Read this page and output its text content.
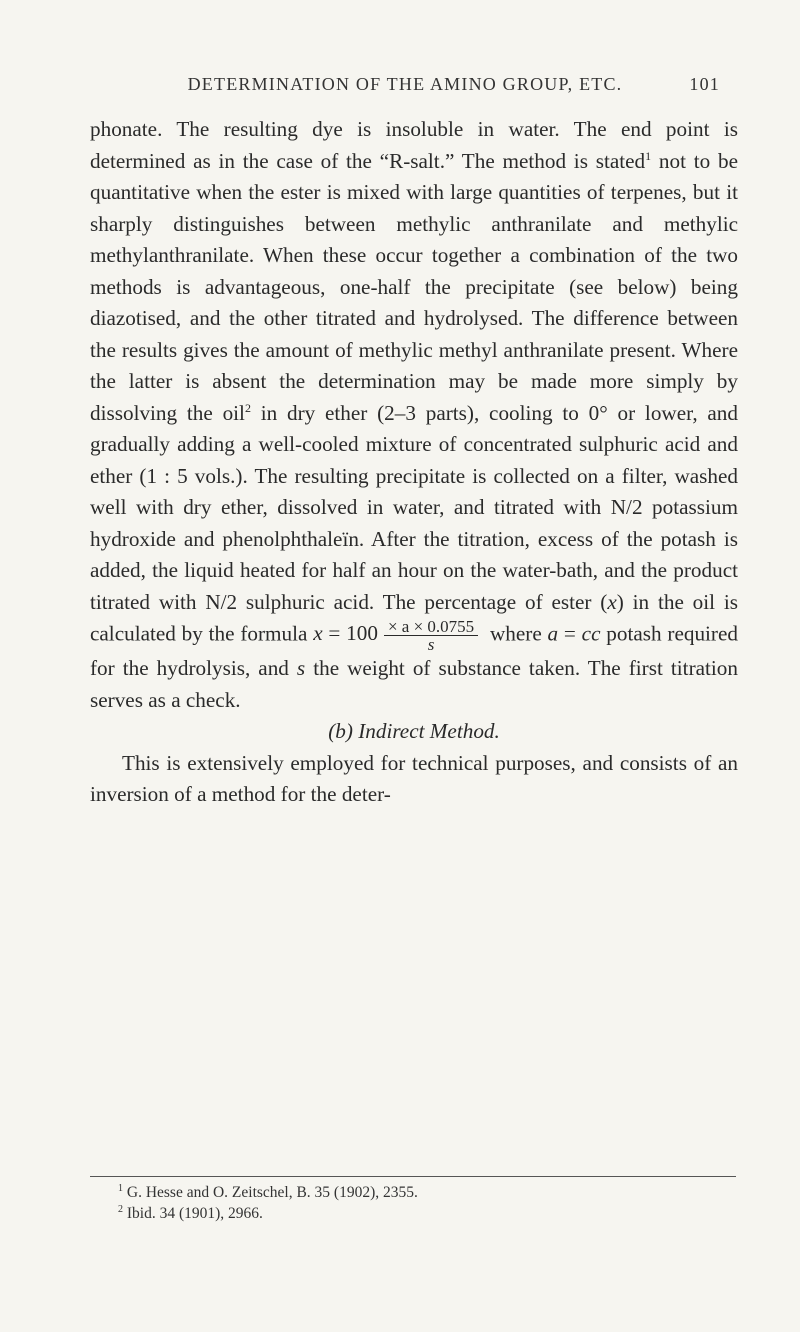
DETERMINATION OF THE AMINO GROUP, ETC.	101

phonate. The resulting dye is insoluble in water. The end point is determined as in the case of the “R-salt.” The method is stated$^1$ not to be quantitative when the ester is mixed with large quantities of terpenes, but it sharply distinguishes between methylic anthranilate and methylic methylanthranilate. When these occur together a combination of the two methods is advantageous, one-half the precipitate (see below) being diazotised, and the other titrated and hydrolysed. The difference between the results gives the amount of methylic methyl anthranilate present. Where the latter is absent the determination may be made more simply by dissolving the oil$^2$ in dry ether (2–3 parts), cooling to 0° or lower, and gradually adding a well-cooled mixture of concentrated sulphuric acid and ether (1 : 5 vols.). The resulting precipitate is collected on a filter, washed well with dry ether, dissolved in water, and titrated with N/2 potassium hydroxide and phenolphthaleïn. After the titration, excess of the potash is added, the liquid heated for half an hour on the water-bath, and the product titrated with N/2 sulphuric acid. The percentage of ester (x) in the oil is calculated by the formula $x = 100 \frac{\times a \times 0.0755}{s}$ where a = cc potash required for the hydrolysis, and s the weight of substance taken. The first titration serves as a check.

(b) Indirect Method.

This is extensively employed for technical purposes, and consists of an inversion of a method for the deter-

$^1$ G. Hesse and O. Zeitschel, B. 35 (1902), 2355.
$^2$ Ibid. 34 (1901), 2966.
